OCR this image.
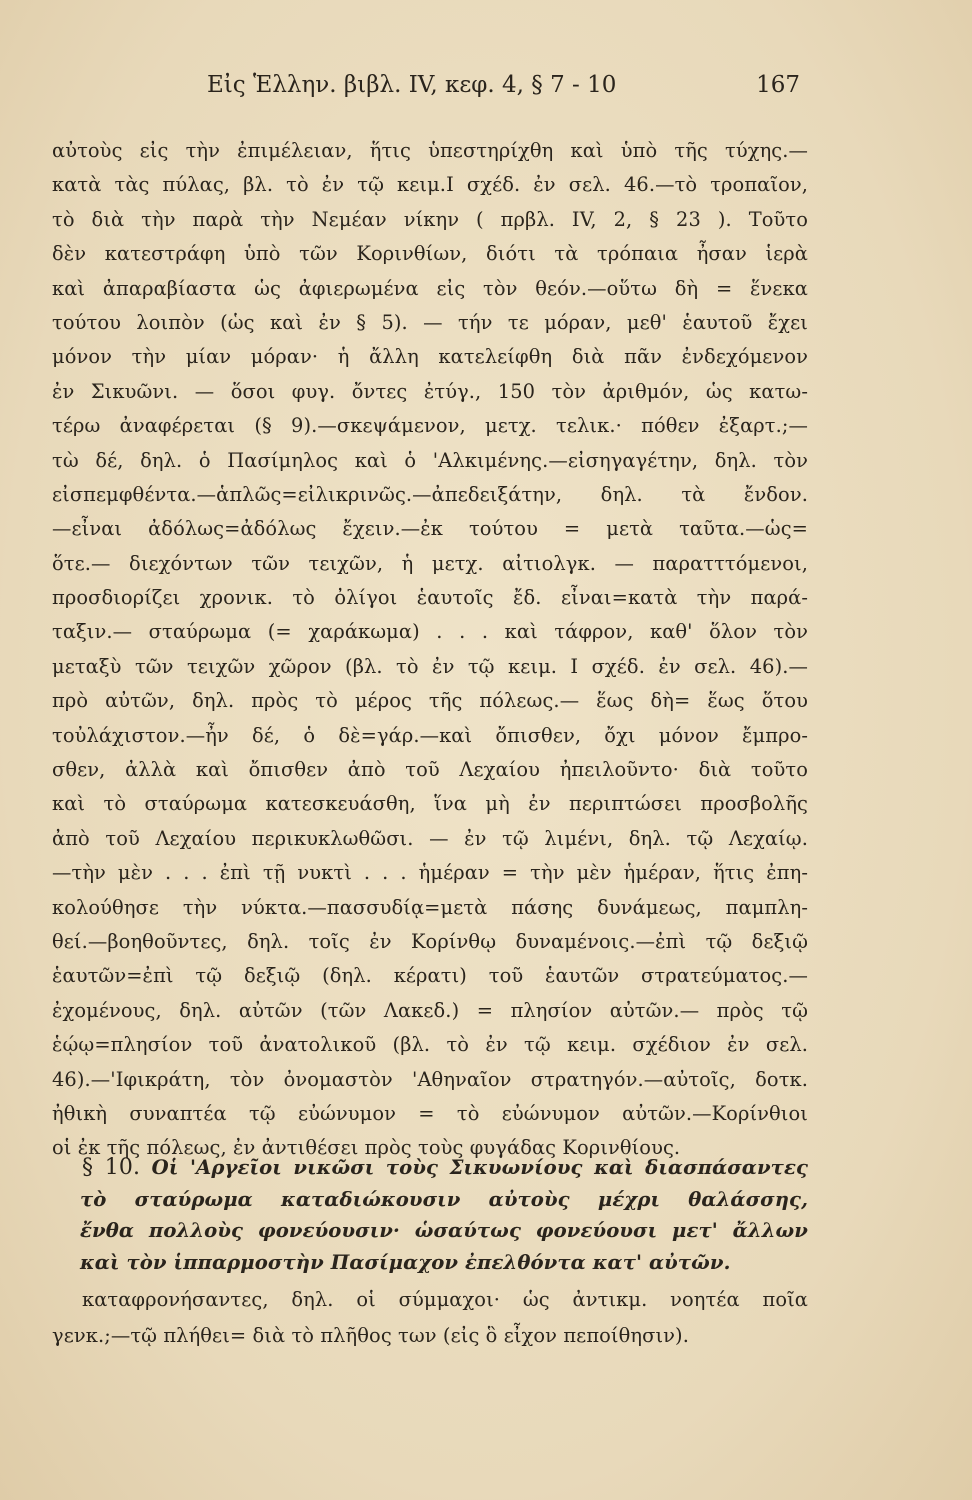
Εἰς Ἑλλην. βιβλ. IV, κεφ. 4, § 7 - 10	167
αὐτοὺς εἰς τὴν ἐπιμέλειαν, ἥτις ὑπεστηρίχθη καὶ ὑπὸ τῆς τύχης.—
κατὰ τὰς πύλας, βλ. τὸ ἐν τῷ κειμ.Ι σχέδ. ἐν σελ. 46.—τὸ τροπαῖον,
τὸ διὰ τὴν παρὰ τὴν Νεμέαν νίκην ( πρβλ. IV, 2, § 23 ). Τοῦτο
δὲν κατεστράφη ὑπὸ τῶν Κορινθίων, διότι τὰ τρόπαια ἦσαν ἱερὰ
καὶ ἀπαραβίαστα ὡς ἀφιερωμένα εἰς τὸν θεόν.—οὕτω δὴ = ἕνεκα
τούτου λοιπὸν (ὡς καὶ ἐν § 5). — τήν τε μόραν, μεθ' ἑαυτοῦ ἔχει
μόνον τὴν μίαν μόραν· ἡ ἄλλη κατελείφθη διὰ πᾶν ἐνδεχόμενον
ἐν Σικυῶνι. — ὅσοι φυγ. ὄντες ἐτύγ., 150 τὸν ἀριθμόν, ὡς κατω-
τέρω ἀναφέρεται (§ 9).—σκεψάμενον, μετχ. τελικ.· πόθεν ἐξαρτ.;—
τὼ δέ, δηλ. ὁ Πασίμηλος καὶ ὁ 'Αλκιμένης.—εἰσηγαγέτην, δηλ. τὸν
εἰσπεμφθέντα.—ἁπλῶς=εἰλικρινῶς.—ἀπεδειξάτην, δηλ. τὰ ἔνδον.
—εἶναι ἀδόλως=ἀδόλως ἔχειν.—ἐκ τούτου = μετὰ ταῦτα.—ὡς=
ὅτε.— διεχόντων τῶν τειχῶν, ἡ μετχ. αἰτιολγκ. — παρατττόμενοι,
προσδιορίζει χρονικ. τὸ ὀλίγοι ἑαυτοῖς ἔδ. εἶναι=κατὰ τὴν παρά-
ταξιν.— σταύρωμα (= χαράκωμα) . . . καὶ τάφρον, καθ' ὅλον τὸν
μεταξὺ τῶν τειχῶν χῶρον (βλ. τὸ ἐν τῷ κειμ. Ι σχέδ. ἐν σελ. 46).—
πρὸ αὐτῶν, δηλ. πρὸς τὸ μέρος τῆς πόλεως.— ἕως δὴ= ἕως ὅτου
τοὐλάχιστον.—ἦν δέ, ὁ δὲ=γάρ.—καὶ ὄπισθεν, ὄχι μόνον ἔμπρο-
σθεν, ἀλλὰ καὶ ὄπισθεν ἀπὸ τοῦ Λεχαίου ἠπειλοῦντο· διὰ τοῦτο
καὶ τὸ σταύρωμα κατεσκευάσθη, ἵνα μὴ ἐν περιπτώσει προσβολῆς
ἀπὸ τοῦ Λεχαίου περικυκλωθῶσι. — ἐν τῷ λιμένι, δηλ. τῷ Λεχαίῳ.
—τὴν μὲν . . . ἐπὶ τῇ νυκτὶ . . . ἡμέραν = τὴν μὲν ἡμέραν, ἥτις ἐπη-
κολούθησε τὴν νύκτα.—πασσυδίᾳ=μετὰ πάσης δυνάμεως, παμπλη-
θεί.—βοηθοῦντες, δηλ. τοῖς ἐν Κορίνθῳ δυναμένοις.—ἐπὶ τῷ δεξιῷ
ἑαυτῶν=ἐπὶ τῷ δεξιῷ (δηλ. κέρατι) τοῦ ἑαυτῶν στρατεύματος.—
ἐχομένους, δηλ. αὐτῶν (τῶν Λακεδ.) = πλησίον αὐτῶν.— πρὸς τῷ
ἑῴῳ=πλησίον τοῦ ἀνατολικοῦ (βλ. τὸ ἐν τῷ κειμ. σχέδιον ἐν σελ.
46).—'Ιφικράτη, τὸν ὀνομαστὸν 'Αθηναῖον στρατηγόν.—αὐτοῖς, δοτκ.
ἠθικὴ συναπτέα τῷ εὐώνυμον = τὸ εὐώνυμον αὐτῶν.—Κορίνθιοι
οἱ ἐκ τῆς πόλεως, ἐν ἀντιθέσει πρὸς τοὺς φυγάδας Κορινθίους.
§ 10. Οἱ 'Αργεῖοι νικῶσι τοὺς Σικυωνίους καὶ διασπάσαντες
τὸ σταύρωμα καταδιώκουσιν αὐτοὺς μέχρι θαλάσσης,
ἔνθα πολλοὺς φονεύουσιν· ὡσαύτως φονεύουσι μετ' ἄλλων
καὶ τὸν ἱππαρμοστὴν Πασίμαχον ἐπελθόντα κατ' αὐτῶν.
καταφρονήσαντες, δηλ. οἱ σύμμαχοι· ὡς ἀντικμ. νοητέα ποῖα
γενκ.;—τῷ πλήθει= διὰ τὸ πλῆθος των (εἰς ὃ εἶχον πεποίθησιν).
